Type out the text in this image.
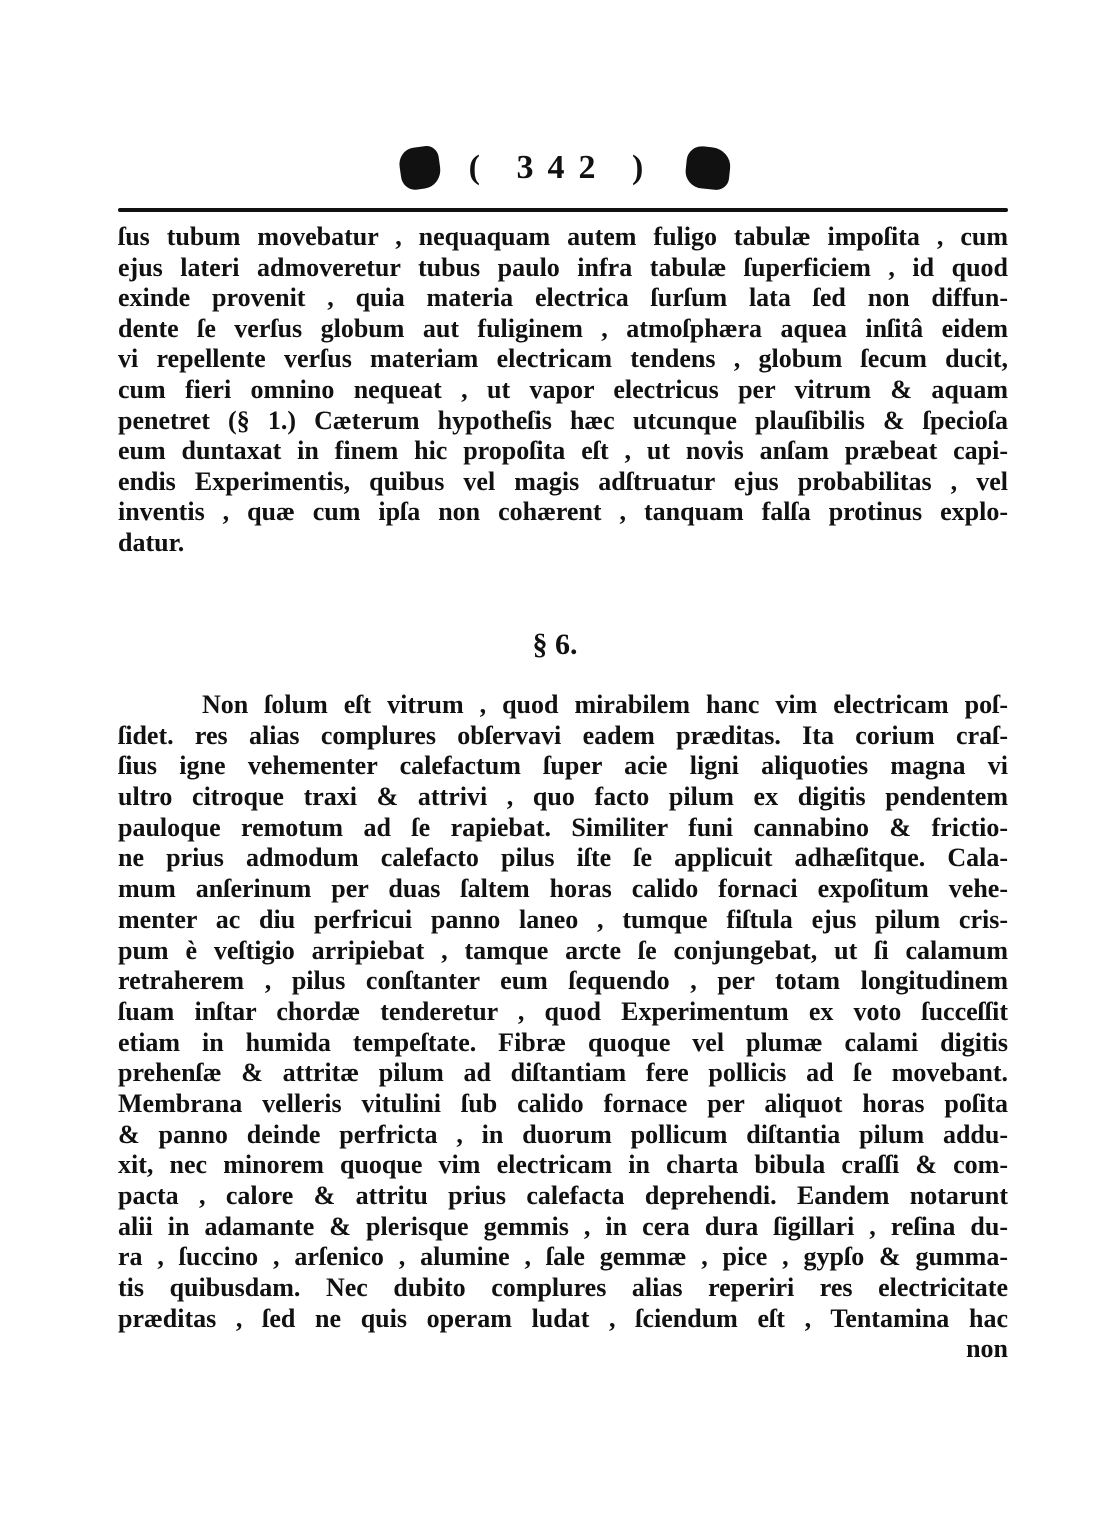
( 342 )
ſus tubum movebatur , nequaquam autem fuligo tabulæ impoſita , cum
ejus lateri admoveretur tubus paulo infra tabulæ ſuperficiem , id quod
exinde provenit , quia materia electrica ſurſum lata ſed non diffun-
dente ſe verſus globum aut fuliginem , atmoſphæra aquea inſitâ eidem
vi repellente verſus materiam electricam tendens , globum ſecum ducit,
cum fieri omnino nequeat , ut vapor electricus per vitrum & aquam
penetret (§ 1.) Cæterum hypotheſis hæc utcunque plauſibilis & ſpecioſa
eum duntaxat in finem hic propoſita eſt , ut novis anſam præbeat capi-
endis Experimentis, quibus vel magis adſtruatur ejus probabilitas , vel
inventis , quæ cum ipſa non cohærent , tanquam falſa protinus explo-
datur.
§ 6.
Non ſolum eſt vitrum , quod mirabilem hanc vim electricam poſ-
ſidet. res alias complures obſervavi eadem præditas. Ita corium craſ-
ſius igne vehementer calefactum ſuper acie ligni aliquoties magna vi
ultro citroque traxi & attrivi , quo facto pilum ex digitis pendentem
pauloque remotum ad ſe rapiebat. Similiter funi cannabino & frictio-
ne prius admodum calefacto pilus iſte ſe applicuit adhæſitque. Cala-
mum anſerinum per duas ſaltem horas calido fornaci expoſitum vehe-
menter ac diu perfricui panno laneo , tumque fiſtula ejus pilum cris-
pum è veſtigio arripiebat , tamque arcte ſe conjungebat, ut ſi calamum
retraherem , pilus conſtanter eum ſequendo , per totam longitudinem
ſuam inſtar chordæ tenderetur , quod Experimentum ex voto ſucceſſit
etiam in humida tempeſtate. Fibræ quoque vel plumæ calami digitis
prehenſæ & attritæ pilum ad diſtantiam fere pollicis ad ſe movebant.
Membrana velleris vitulini ſub calido fornace per aliquot horas poſita
& panno deinde perfricta , in duorum pollicum diſtantia pilum addu-
xit, nec minorem quoque vim electricam in charta bibula craſſi & com-
pacta , calore & attritu prius calefacta deprehendi. Eandem notarunt
alii in adamante & plerisque gemmis , in cera dura ſigillari , reſina du-
ra , ſuccino , arſenico , alumine , ſale gemmæ , pice , gypſo & gumma-
tis quibusdam. Nec dubito complures alias reperiri res electricitate
præditas , ſed ne quis operam ludat , ſciendum eſt , Tentamina hac
non
